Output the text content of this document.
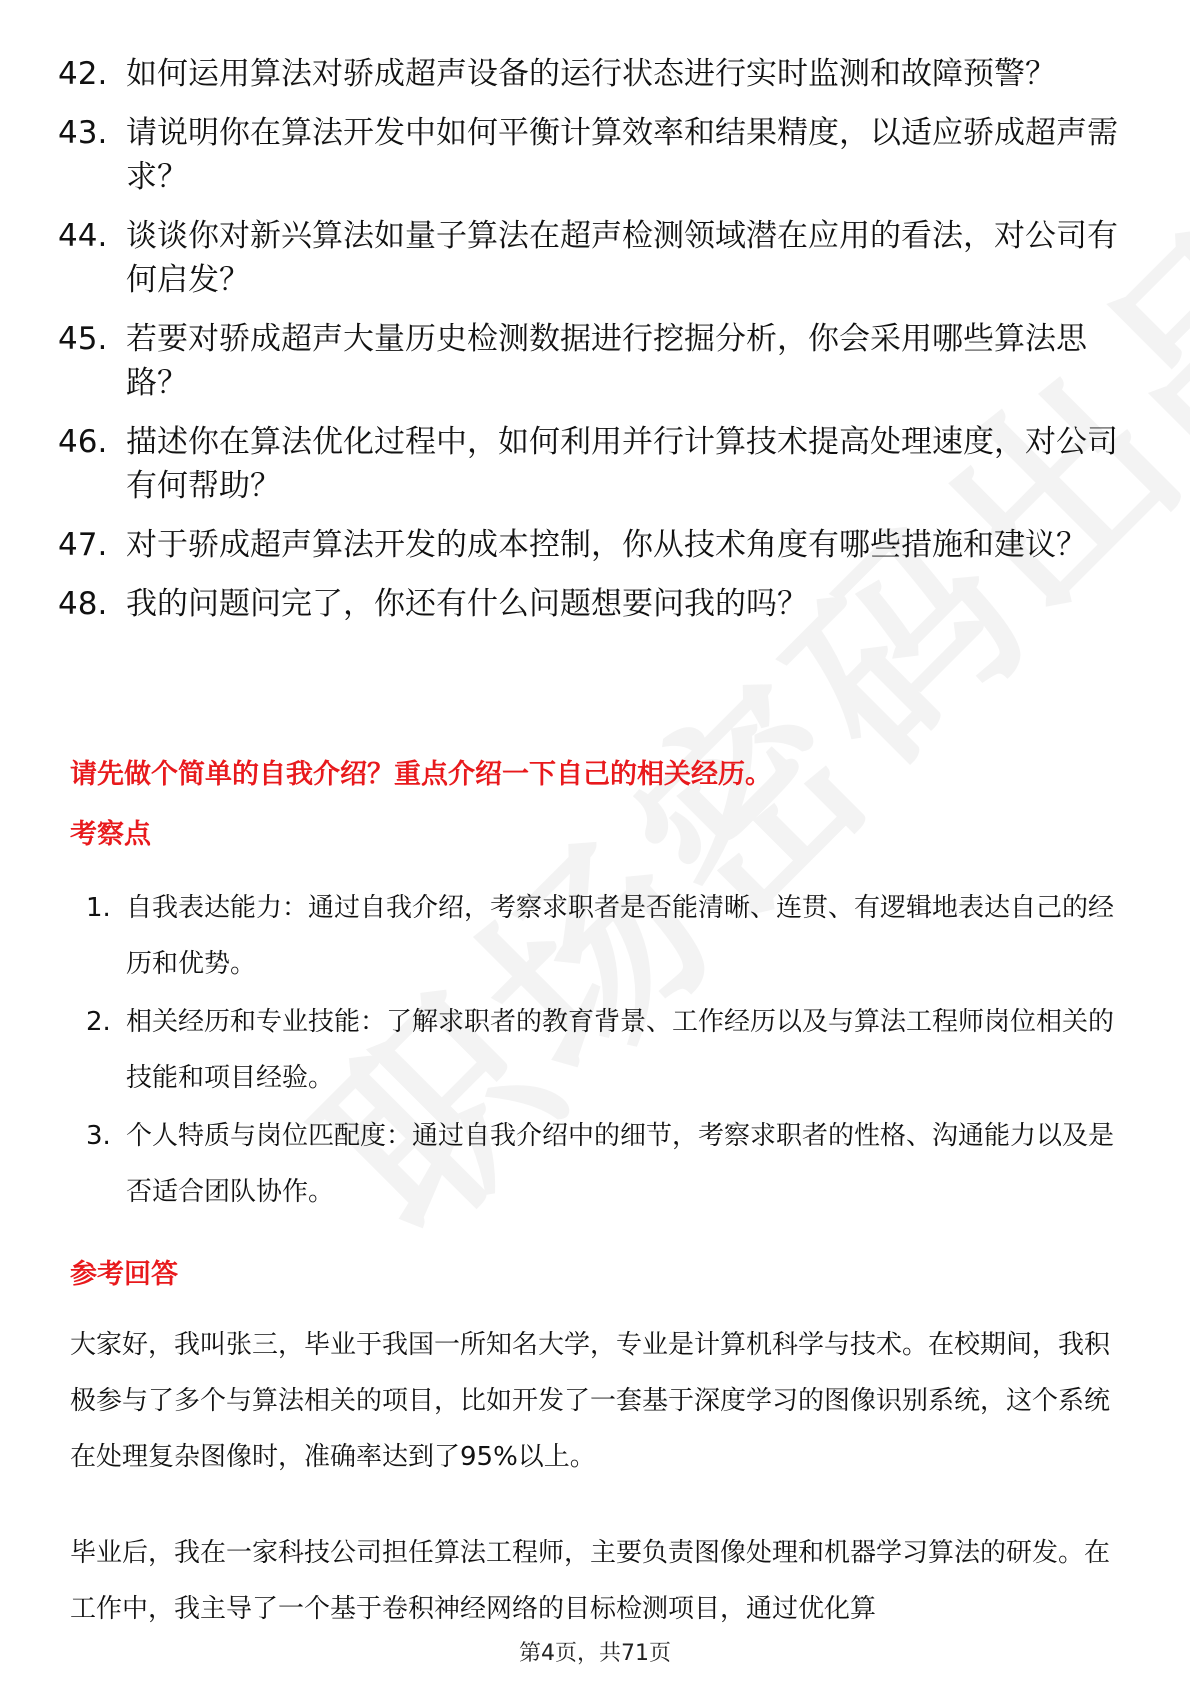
42. 如何运用算法对骄成超声设备的运行状态进行实时监测和故障预警？
43. 请说明你在算法开发中如何平衡计算效率和结果精度，以适应骄成超声需求？
44. 谈谈你对新兴算法如量子算法在超声检测领域潜在应用的看法，对公司有何启发？
45. 若要对骄成超声大量历史检测数据进行挖掘分析，你会采用哪些算法思路？
46. 描述你在算法优化过程中，如何利用并行计算技术提高处理速度，对公司有何帮助？
47. 对于骄成超声算法开发的成本控制，你从技术角度有哪些措施和建议？
48. 我的问题问完了，你还有什么问题想要问我的吗？
请先做个简单的自我介绍？重点介绍一下自己的相关经历。
考察点
1. 自我表达能力：通过自我介绍，考察求职者是否能清晰、连贯、有逻辑地表达自己的经历和优势。
2. 相关经历和专业技能：了解求职者的教育背景、工作经历以及与算法工程师岗位相关的技能和项目经验。
3. 个人特质与岗位匹配度：通过自我介绍中的细节，考察求职者的性格、沟通能力以及是否适合团队协作。
参考回答

大家好，我叫张三，毕业于我国一所知名大学，专业是计算机科学与技术。在校期间，我积极参与了多个与算法相关的项目，比如开发了一套基于深度学习的图像识别系统，这个系统在处理复杂图像时，准确率达到了95%以上。

毕业后，我在一家科技公司担任算法工程师，主要负责图像处理和机器学习算法的研发。在工作中，我主导了一个基于卷积神经网络的目标检测项目，通过优化算

第4页，共71页
